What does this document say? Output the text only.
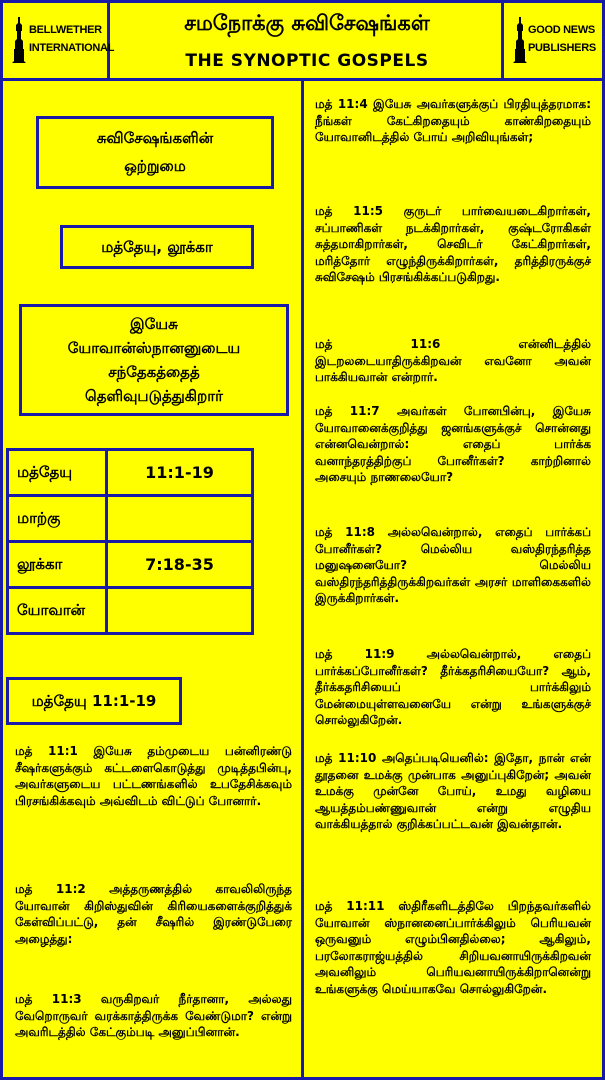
BELLWETHER
INTERNATIONAL
சமநோக்கு சுவிசேஷங்கள்
THE SYNOPTIC GOSPELS
GOOD NEWS
PUBLISHERS
சுவிசேஷங்களின்
ஒற்றுமை
மத்தேயு, லூக்கா
இயேசு
யோவான்ஸ்நானனுடைய
சந்தேகத்தைத்
தெளிவுபடுத்துகிறார்
மத்தேயு	11:1-19
மாற்கு	
லூக்கா	7:18-35
யோவான்	
மத்தேயு 11:1-19
மத் 11:1 இயேசு தம்முடைய பன்னிரண்டு சீஷர்களுக்கும் கட்டளைகொடுத்து முடித்தபின்பு, அவர்களுடைய பட்டணங்களில் உபதேசிக்கவும் பிரசங்கிக்கவும் அவ்விடம் விட்டுப் போனார்.
மத் 11:2 அத்தருணத்தில் காவலிலிருந்த யோவான் கிறிஸ்துவின் கிரியைகளைக்குறித்துக் கேள்விப்பட்டு, தன் சீஷரில் இரண்டுபேரை அழைத்து:
மத் 11:3 வருகிறவர் நீர்தானா, அல்லது வேறொருவர் வரக்காத்திருக்க வேண்டுமா? என்று அவரிடத்தில் கேட்கும்படி அனுப்பினான்.
மத் 11:4 இயேசு அவர்களுக்குப் பிரதியுத்தரமாக: நீங்கள் கேட்கிறதையும் காண்கிறதையும் யோவானிடத்தில் போய் அறிவியுங்கள்;
மத் 11:5 குருடர் பார்வையடைகிறார்கள், சப்பாணிகள் நடக்கிறார்கள், குஷ்டரோகிகள் சுத்தமாகிறார்கள், செவிடர் கேட்கிறார்கள், மரித்தோர் எழுந்திருக்கிறார்கள், தரித்திரருக்குச் சுவிசேஷம் பிரசங்கிக்கப்படுகிறது.
மத் 11:6 என்னிடத்தில் இடறலடையாதிருக்கிறவன் எவனோ அவன் பாக்கியவான் என்றார்.
மத் 11:7 அவர்கள் போனபின்பு, இயேசு யோவானைக்குறித்து ஜனங்களுக்குச் சொன்னது என்னவென்றால்: எதைப் பார்க்க வனாந்தரத்திற்குப் போனீர்கள்? காற்றினால் அசையும் நாணலையோ?
மத் 11:8 அல்லவென்றால், எதைப் பார்க்கப் போனீர்கள்? மெல்லிய வஸ்திரந்தரித்த மனுஷனையோ? மெல்லிய வஸ்திரந்தரித்திருக்கிறவர்கள் அரசர் மாளிகைகளில் இருக்கிறார்கள்.
மத் 11:9 அல்லவென்றால், எதைப் பார்க்கப்போனீர்கள்? தீர்க்கதரிசியையோ? ஆம், தீர்க்கதரிசியைப் பார்க்கிலும் மேன்மையுள்ளவனையே என்று உங்களுக்குச் சொல்லுகிறேன்.
மத் 11:10 அதெப்படியெனில்: இதோ, நான் என் தூதனை உமக்கு முன்பாக அனுப்புகிறேன்; அவன் உமக்கு முன்னே போய், உமது வழியை ஆயத்தம்பண்ணுவான் என்று எழுதிய வாக்கியத்தால் குறிக்கப்பட்டவன் இவன்தான்.
மத் 11:11 ஸ்திரீகளிடத்திலே பிறந்தவர்களில் யோவான் ஸ்நானனைப்பார்க்கிலும் பெரியவன் ஒருவனும் எழும்பினதில்லை; ஆகிலும், பரலோகராஜ்யத்தில் சிறியவனாயிருக்கிறவன் அவனிலும் பெரியவனாயிருக்கிறானென்று உங்களுக்கு மெய்யாகவே சொல்லுகிறேன்.
